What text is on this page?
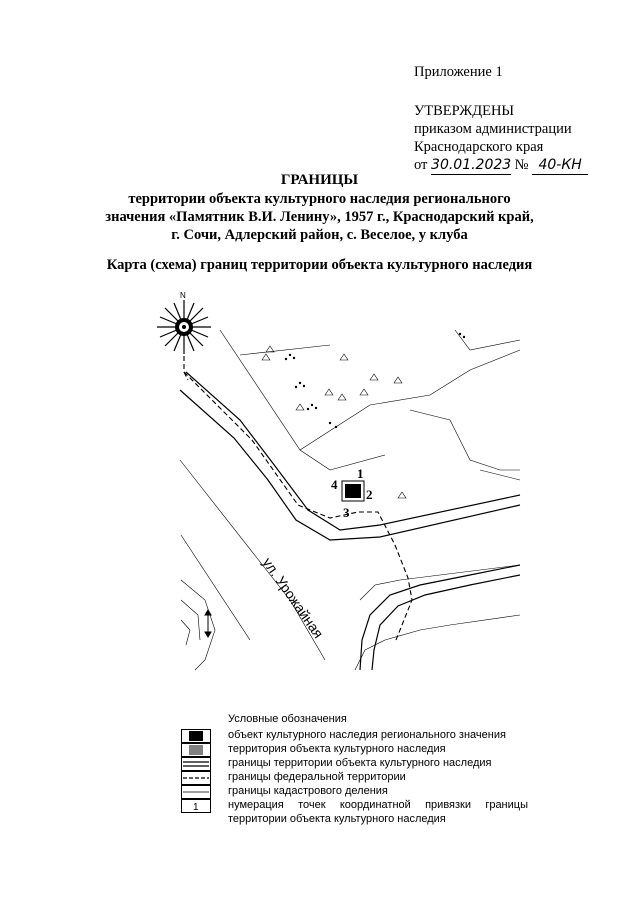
Приложение 1
УТВЕРЖДЕНЫ
приказом администрации
Краснодарского края
от 30.01.2023 № 40-КН
ГРАНИЦЫ
территории объекта культурного наследия регионального
значения «Памятник В.И. Ленину», 1957 г., Краснодарский край,
г. Сочи, Адлерский район, с. Веселое, у клуба
Карта (схема) границ территории объекта культурного наследия
N
1
2
3
4
ул. Урожайная
Условные обозначения
объект культурного наследия регионального значения
территория объекта культурного наследия
границы территории объекта культурного наследия
границы федеральной территории
границы кадастрового деления
1	нумерация точек координатной привязки границы
территории объекта культурного наследия
